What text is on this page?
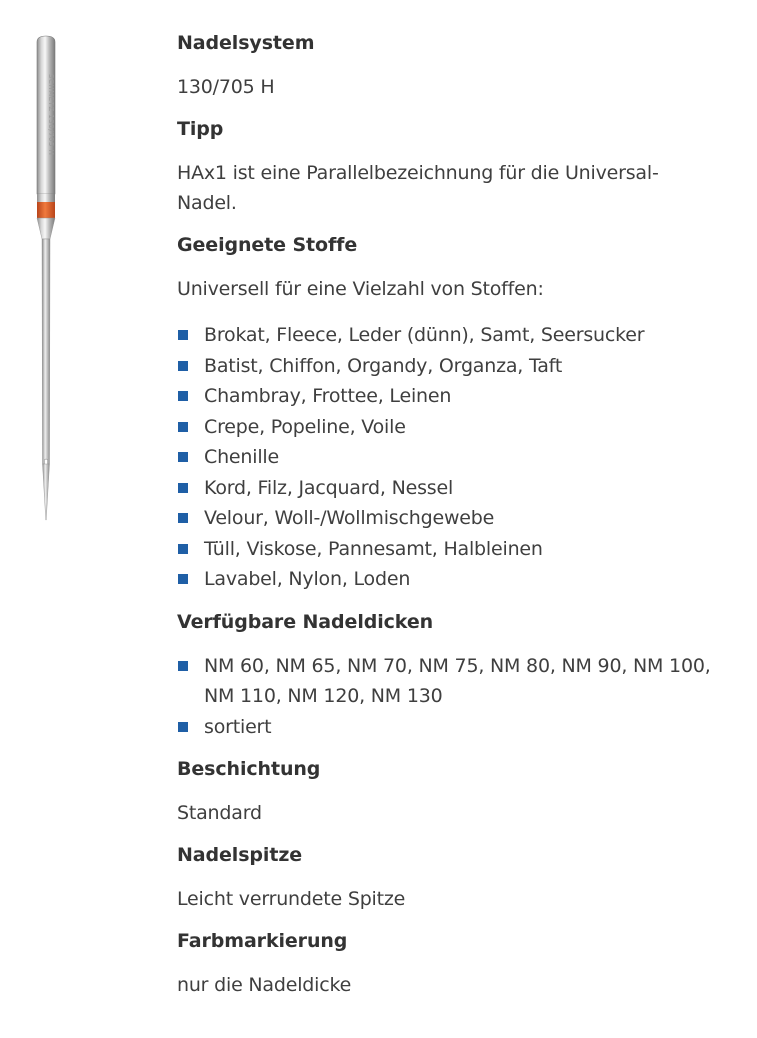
SCHMETZ 130/705 H
Nadelsystem

130/705 H

Tipp

HAx1 ist eine Parallelbezeichnung für die Universal-Nadel.

Geeignete Stoffe

Universell für eine Vielzahl von Stoffen:

Brokat, Fleece, Leder (dünn), Samt, Seersucker
Batist, Chiffon, Organdy, Organza, Taft
Chambray, Frottee, Leinen
Crepe, Popeline, Voile
Chenille
Kord, Filz, Jacquard, Nessel
Velour, Woll-/Wollmischgewebe
Tüll, Viskose, Pannesamt, Halbleinen
Lavabel, Nylon, Loden
Verfügbare Nadeldicken
NM 60, NM 65, NM 70, NM 75, NM 80, NM 90, NM 100, NM 110, NM 120, NM 130
sortiert
Beschichtung

Standard

Nadelspitze

Leicht verrundete Spitze

Farbmarkierung

nur die Nadeldicke
